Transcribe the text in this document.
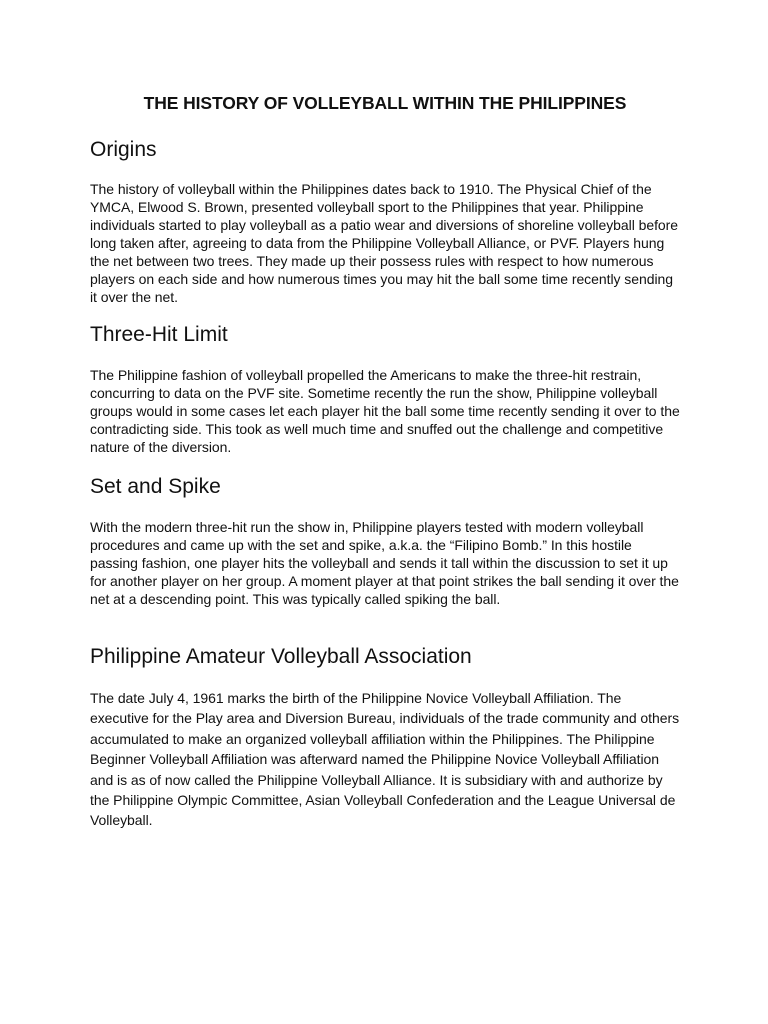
THE HISTORY OF VOLLEYBALL WITHIN THE PHILIPPINES
Origins

The history of volleyball within the Philippines dates back to 1910. The Physical Chief of the YMCA, Elwood S. Brown, presented volleyball sport to the Philippines that year. Philippine individuals started to play volleyball as a patio wear and diversions of shoreline volleyball before long taken after, agreeing to data from the Philippine Volleyball Alliance, or PVF. Players hung the net between two trees. They made up their possess rules with respect to how numerous players on each side and how numerous times you may hit the ball some time recently sending it over the net.

Three-Hit Limit

The Philippine fashion of volleyball propelled the Americans to make the three-hit restrain, concurring to data on the PVF site. Sometime recently the run the show, Philippine volleyball groups would in some cases let each player hit the ball some time recently sending it over to the contradicting side. This took as well much time and snuffed out the challenge and competitive nature of the diversion.

Set and Spike

With the modern three-hit run the show in, Philippine players tested with modern volleyball procedures and came up with the set and spike, a.k.a. the “Filipino Bomb.” In this hostile passing fashion, one player hits the volleyball and sends it tall within the discussion to set it up for another player on her group. A moment player at that point strikes the ball sending it over the net at a descending point. This was typically called spiking the ball.

Philippine Amateur Volleyball Association

The date July 4, 1961 marks the birth of the Philippine Novice Volleyball Affiliation. The executive for the Play area and Diversion Bureau, individuals of the trade community and others accumulated to make an organized volleyball affiliation within the Philippines. The Philippine Beginner Volleyball Affiliation was afterward named the Philippine Novice Volleyball Affiliation and is as of now called the Philippine Volleyball Alliance. It is subsidiary with and authorize by the Philippine Olympic Committee, Asian Volleyball Confederation and the League Universal de Volleyball.
